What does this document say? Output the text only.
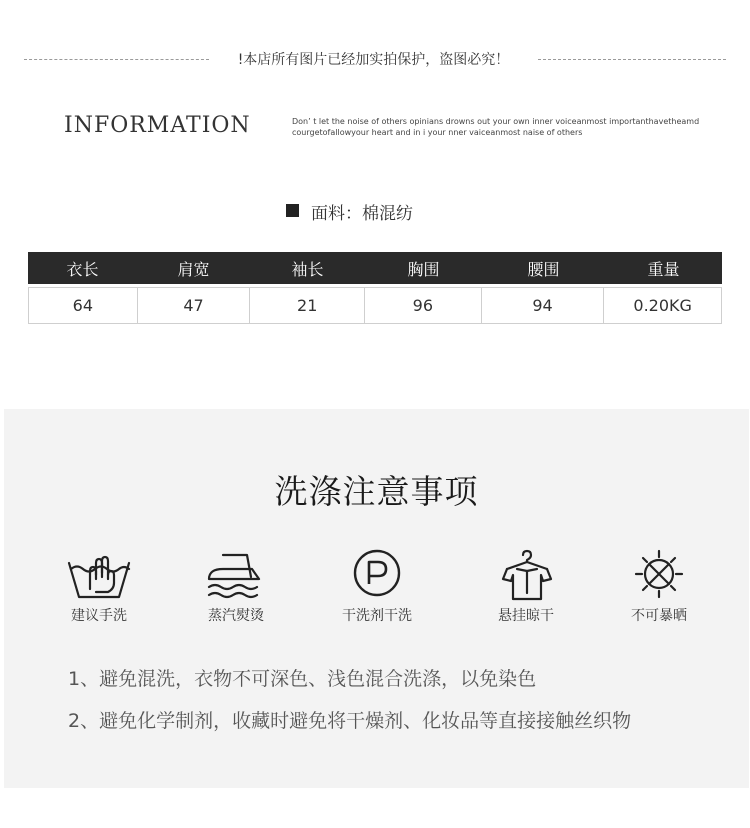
!本店所有图片已经加实拍保护，盗图必究！
INFORMATION	Don’ t let the noise of others opinians drowns out your own inner voiceanmost importanthavetheamd
courgetofallowyour heart and in i your nner vaiceanmost naise of others
面料：棉混纺
衣长	肩宽	袖长	胸围	腰围	重量
64	47	21	96	94	0.20KG
洗涤注意事项
建议手洗	蒸汽熨烫	干洗剂干洗	悬挂晾干	不可暴晒
1、避免混洗，衣物不可深色、浅色混合洗涤，以免染色
2、避免化学制剂，收藏时避免将干燥剂、化妆品等直接接触丝织物
